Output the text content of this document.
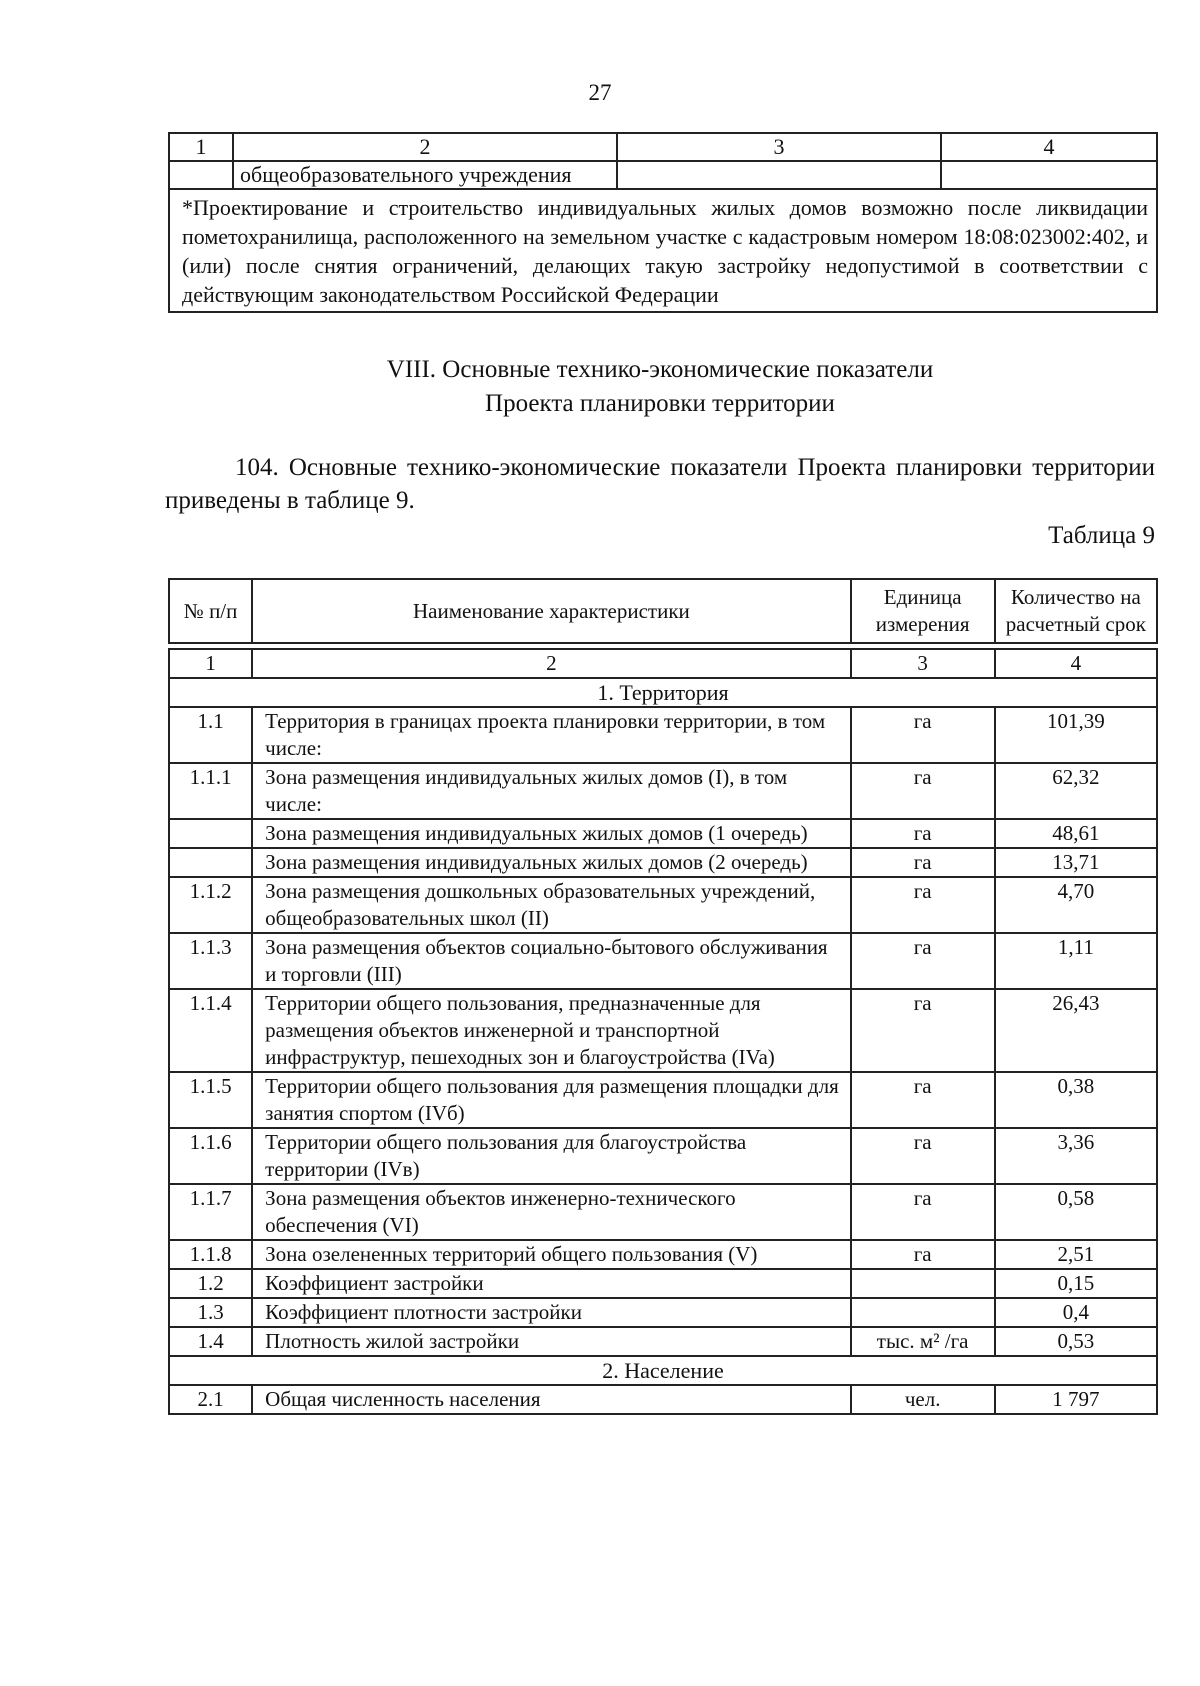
27
1	2	3	4
	общеобразовательного учреждения		
*Проектирование и строительство индивидуальных жилых домов возможно после ликвидации пометохранилища, расположенного на земельном участке с кадастровым номером 18:08:023002:402, и (или) после снятия ограничений, делающих такую застройку недопустимой в соответствии с действующим законодательством Российской Федерации			
VIII. Основные технико-экономические показатели
Проекта планировки территории
104. Основные технико-экономические показатели Проекта планировки территории приведены в таблице 9.
Таблица 9
№ п/п	Наименование характеристики	Единица измерения	Количество на расчетный срок

1	2	3	4
1. Территория			
1.1	Территория в границах проекта планировки территории, в том числе:	га	101,39
1.1.1	Зона размещения индивидуальных жилых домов (I), в том числе:	га	62,32
	Зона размещения индивидуальных жилых домов (1 очередь)	га	48,61
	Зона размещения индивидуальных жилых домов (2 очередь)	га	13,71
1.1.2	Зона размещения дошкольных образовательных учреждений, общеобразовательных школ (II)	га	4,70
1.1.3	Зона размещения объектов социально-бытового обслуживания и торговли (III)	га	1,11
1.1.4	Территории общего пользования, предназначенные для размещения объектов инженерной и транспортной инфраструктур, пешеходных зон и благоустройства (IVa)	га	26,43
1.1.5	Территории общего пользования для размещения площадки для занятия спортом (IVб)	га	0,38
1.1.6	Территории общего пользования для благоустройства территории (IVв)	га	3,36
1.1.7	Зона размещения объектов инженерно-технического обеспечения (VI)	га	0,58
1.1.8	Зона озелененных территорий общего пользования (V)	га	2,51
1.2	Коэффициент застройки		0,15
1.3	Коэффициент плотности застройки		0,4
1.4	Плотность жилой застройки	тыс. м² /га	0,53
2. Население			
2.1	Общая численность населения	чел.	1 797
